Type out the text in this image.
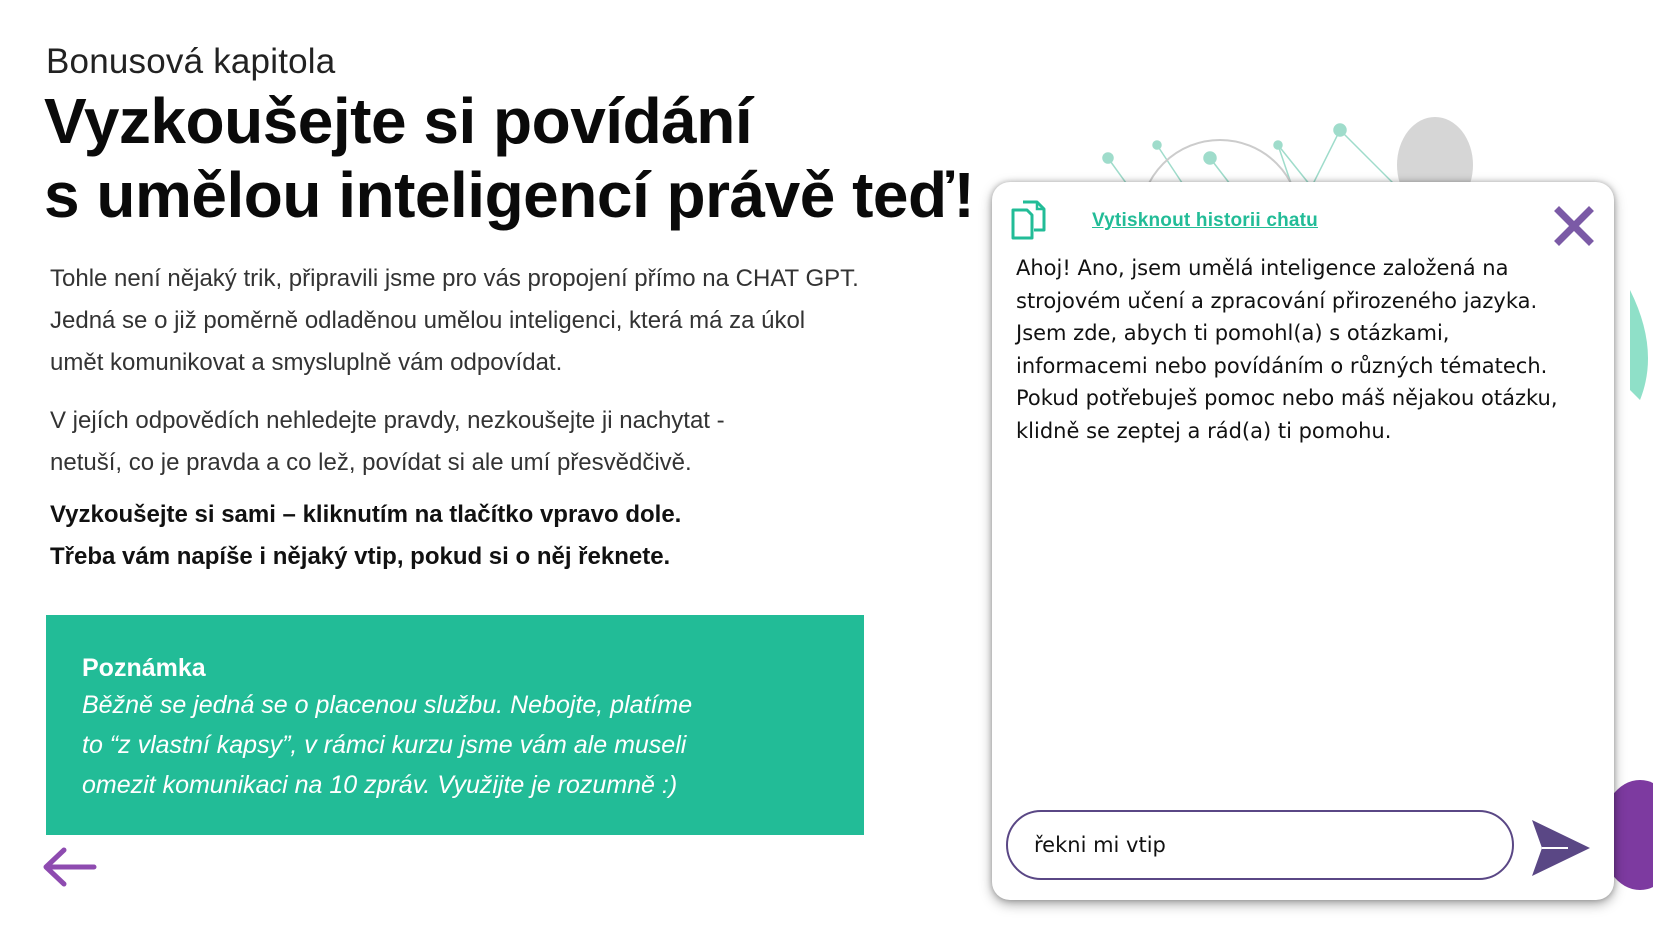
Bonusová kapitola
Vyzkoušejte si povídání
s umělou inteligencí právě teď!
Tohle není nějaký trik, připravili jsme pro vás propojení přímo na CHAT GPT.
Jedná se o již poměrně odladěnou umělou inteligenci, která má za úkol
umět komunikovat a smysluplně vám odpovídat.
V jejích odpovědích nehledejte pravdy, nezkoušejte ji nachytat -
netuší, co je pravda a co lež, povídat si ale umí přesvědčivě.
Vyzkoušejte si sami – kliknutím na tlačítko vpravo dole.
Třeba vám napíše i nějaký vtip, pokud si o něj řeknete.
Poznámka
Běžně se jedná se o placenou službu. Nebojte, platíme
to “z vlastní kapsy”, v rámci kurzu jsme vám ale museli
omezit komunikaci na 10 zpráv. Využijte je rozumně :)
Vytisknout historii chatu
Ahoj! Ano, jsem umělá inteligence založená na strojovém učení a zpracování přirozeného jazyka. Jsem zde, abych ti pomohl(a) s otázkami, informacemi nebo povídáním o různých tématech. Pokud potřebuješ pomoc nebo máš nějakou otázku, klidně se zeptej a rád(a) ti pomohu.
řekni mi vtip
